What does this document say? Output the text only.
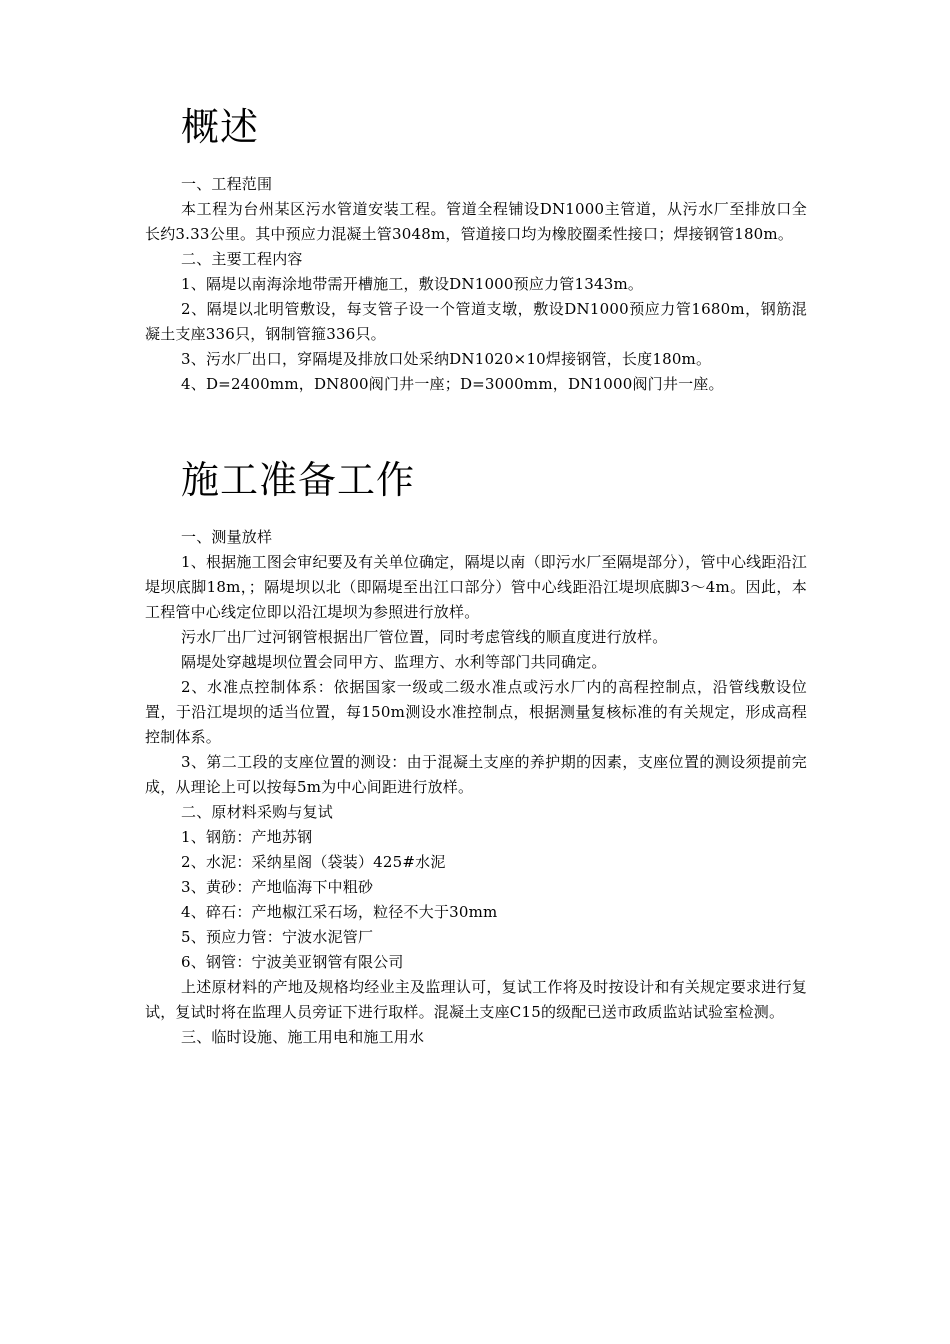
概述

一、工程范围

本工程为台州某区污水管道安装工程。管道全程铺设DN1000主管道，从污水厂至排放口全长约3.33公里。其中预应力混凝土管3048m，管道接口均为橡胶圈柔性接口；焊接钢管180m。

二、主要工程内容

1、隔堤以南海涂地带需开槽施工，敷设DN1000预应力管1343m。

2、隔堤以北明管敷设，每支管子设一个管道支墩，敷设DN1000预应力管1680m，钢筋混凝土支座336只，钢制管箍336只。

3、污水厂出口，穿隔堤及排放口处采纳DN1020×10焊接钢管，长度180m。

4、D=2400mm，DN800阀门井一座；D=3000mm，DN1000阀门井一座。

施工准备工作

一、测量放样

1、根据施工图会审纪要及有关单位确定，隔堤以南（即污水厂至隔堤部分），管中心线距沿江堤坝底脚18m，；隔堤坝以北（即隔堤至出江口部分）管中心线距沿江堤坝底脚3～4m。因此，本工程管中心线定位即以沿江堤坝为参照进行放样。

污水厂出厂过河钢管根据出厂管位置，同时考虑管线的顺直度进行放样。

隔堤处穿越堤坝位置会同甲方、监理方、水利等部门共同确定。

2、水准点控制体系：依据国家一级或二级水准点或污水厂内的高程控制点，沿管线敷设位置，于沿江堤坝的适当位置，每150m测设水准控制点，根据测量复核标准的有关规定，形成高程控制体系。

3、第二工段的支座位置的测设：由于混凝土支座的养护期的因素，支座位置的测设须提前完成，从理论上可以按每5m为中心间距进行放样。

二、原材料采购与复试

1、钢筋：产地苏钢

2、水泥：采纳星阁（袋装）425#水泥

3、黄砂：产地临海下中粗砂

4、碎石：产地椒江采石场，粒径不大于30mm

5、预应力管：宁波水泥管厂

6、钢管：宁波美亚钢管有限公司

上述原材料的产地及规格均经业主及监理认可，复试工作将及时按设计和有关规定要求进行复试，复试时将在监理人员旁证下进行取样。混凝土支座C15的级配已送市政质监站试验室检测。

三、临时设施、施工用电和施工用水
